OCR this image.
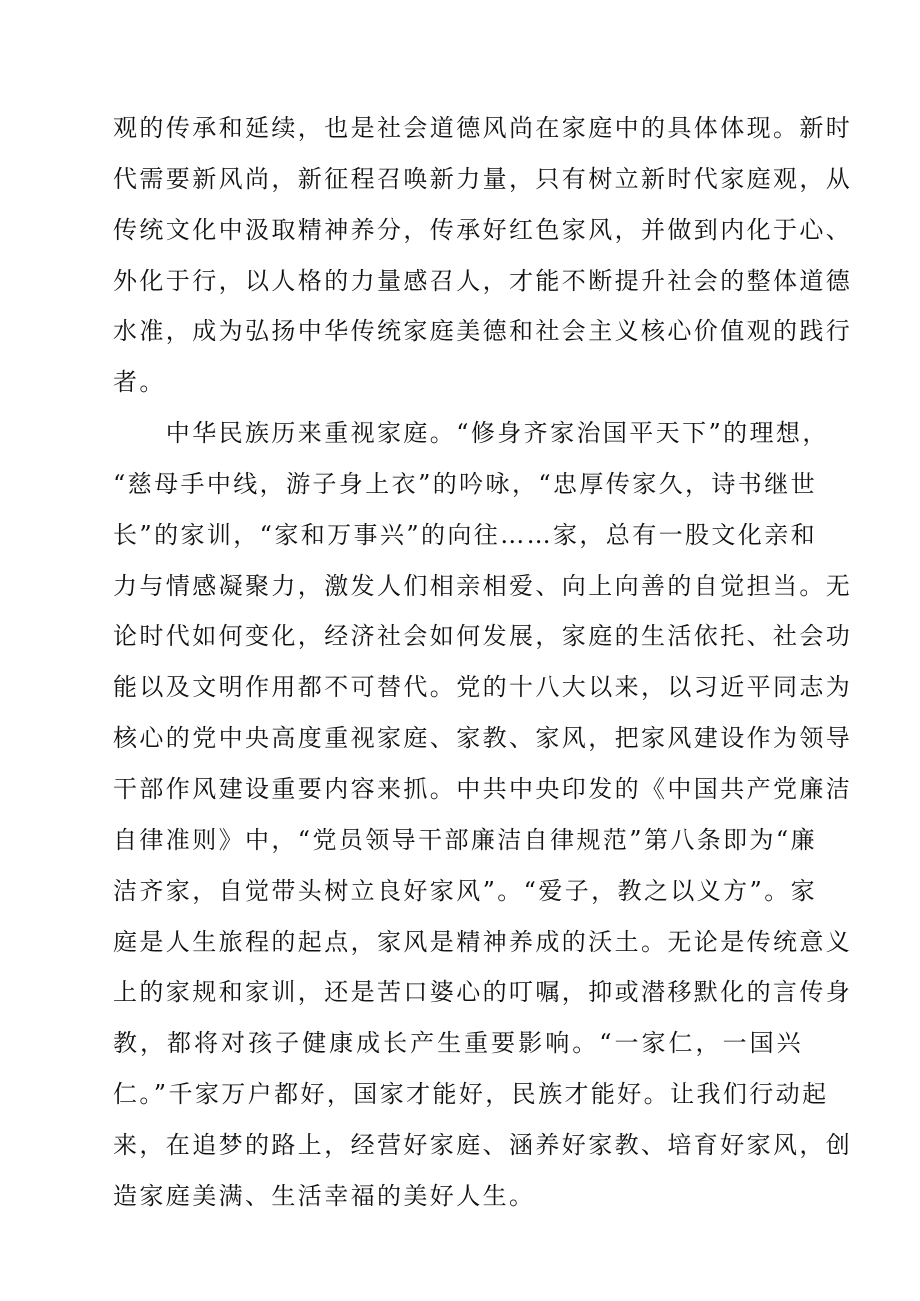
观的传承和延续，也是社会道德风尚在家庭中的具体体现。新时
代需要新风尚，新征程召唤新力量，只有树立新时代家庭观，从
传统文化中汲取精神养分，传承好红色家风，并做到内化于心、
外化于行，以人格的力量感召人，才能不断提升社会的整体道德
水准，成为弘扬中华传统家庭美德和社会主义核心价值观的践行
者。
　　中华民族历来重视家庭。“修身齐家治国平天下”的理想，
“慈母手中线，游子身上衣”的吟咏，“忠厚传家久，诗书继世
长”的家训，“家和万事兴”的向往……家，总有一股文化亲和
力与情感凝聚力，激发人们相亲相爱、向上向善的自觉担当。无
论时代如何变化，经济社会如何发展，家庭的生活依托、社会功
能以及文明作用都不可替代。党的十八大以来，以习近平同志为
核心的党中央高度重视家庭、家教、家风，把家风建设作为领导
干部作风建设重要内容来抓。中共中央印发的《中国共产党廉洁
自律准则》中，“党员领导干部廉洁自律规范”第八条即为“廉
洁齐家，自觉带头树立良好家风”。“爱子，教之以义方”。家
庭是人生旅程的起点，家风是精神养成的沃土。无论是传统意义
上的家规和家训，还是苦口婆心的叮嘱，抑或潜移默化的言传身
教，都将对孩子健康成长产生重要影响。“一家仁，一国兴
仁。”千家万户都好，国家才能好，民族才能好。让我们行动起
来，在追梦的路上，经营好家庭、涵养好家教、培育好家风，创
造家庭美满、生活幸福的美好人生。
